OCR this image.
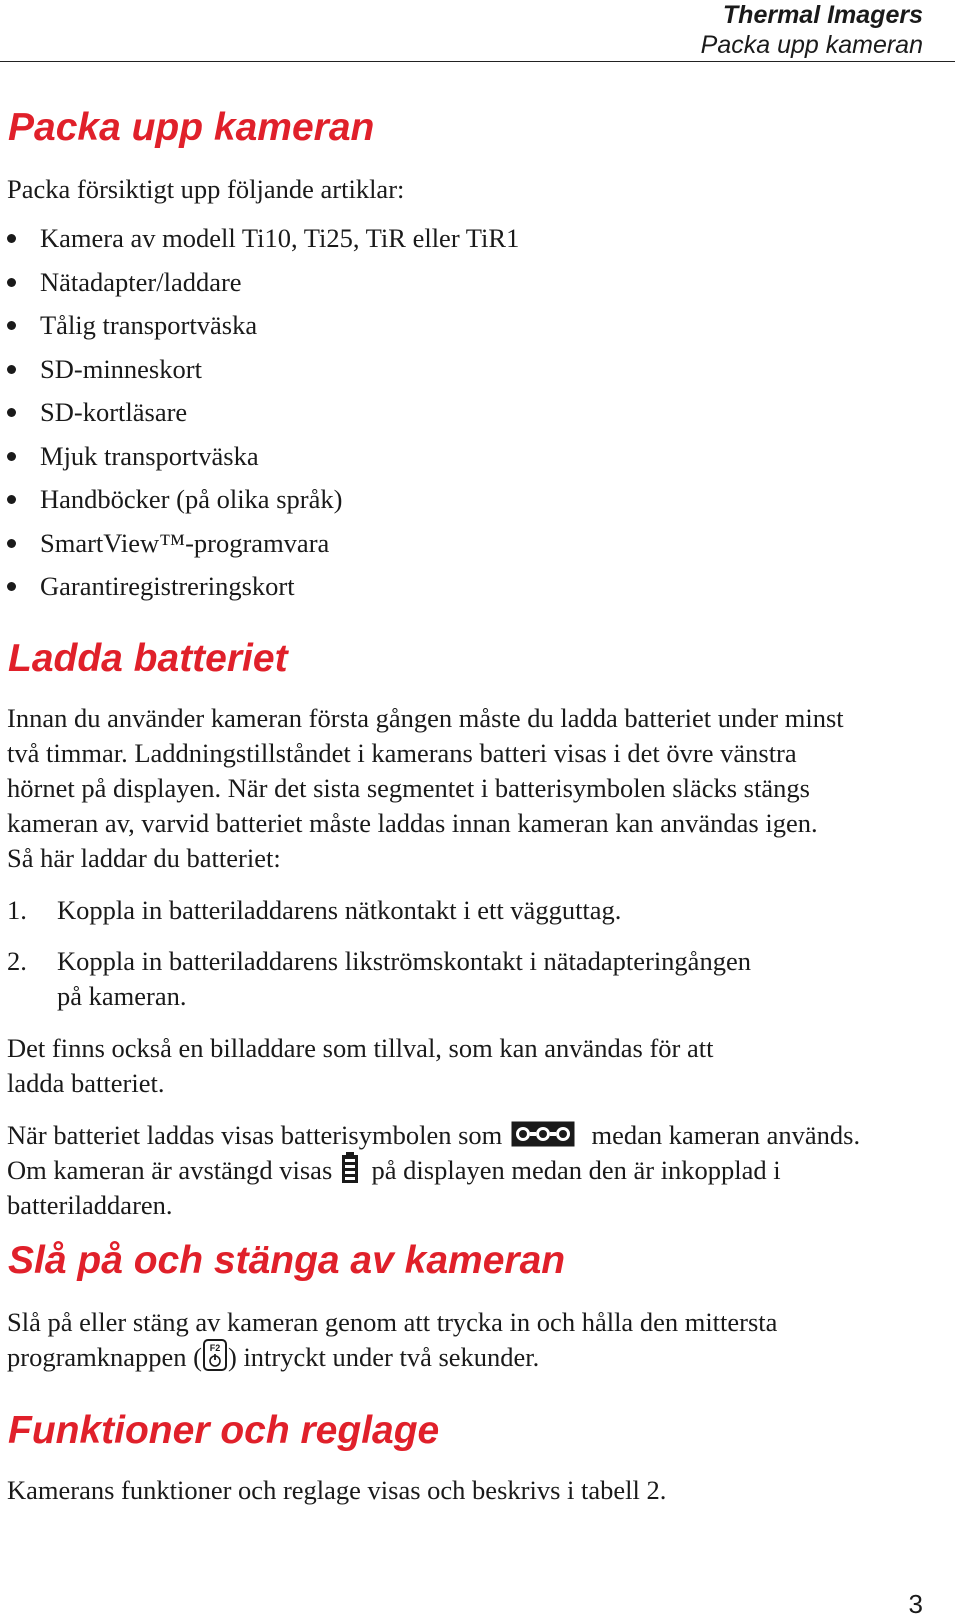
Thermal Imagers
Packa upp kameran
Packa upp kameran

Packa försiktigt upp följande artiklar:

Kamera av modell Ti10, Ti25, TiR eller TiR1
Nätadapter/laddare
Tålig transportväska
SD-minneskort
SD-kortläsare
Mjuk transportväska
Handböcker (på olika språk)
SmartView™-programvara
Garantiregistreringskort
Ladda batteriet

Innan du använder kameran första gången måste du ladda batteriet under minst

två timmar. Laddningstillståndet i kamerans batteri visas i det övre vänstra

hörnet på displayen. När det sista segmentet i batterisymbolen släcks stängs

kameran av, varvid batteriet måste laddas innan kameran kan användas igen.

Så här laddar du batteriet:

1. Koppla in batteriladdarens nätkontakt i ett vägguttag.
2. Koppla in batteriladdarens likströmskontakt i nätadapteringången
på kameran.

Det finns också en billaddare som tillval, som kan användas för att

ladda batteriet.

När batteriet laddas visas batterisymbolen som	medan kameran används.

Om kameran är avstängd visas  på displayen medan den är inkopplad i

batteriladdaren.

Slå på och stänga av kameran

Slå på eller stäng av kameran genom att trycka in och hålla den mittersta

programknappen ( F2 ) intryckt under två sekunder.

Funktioner och reglage

Kamerans funktioner och reglage visas och beskrivs i tabell 2.

3
